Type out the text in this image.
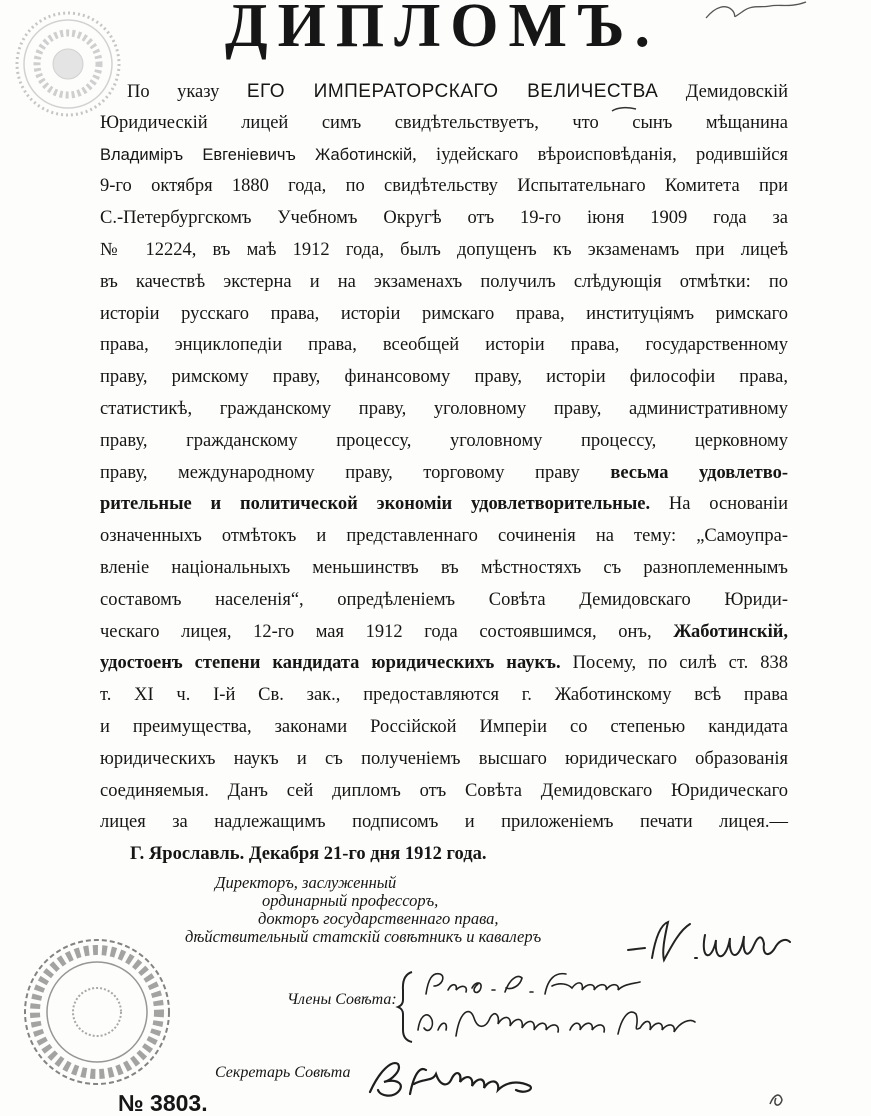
ДИПЛОМЪ.
По указу ЕГО ИМПЕРАТОРСКАГО ВЕЛИЧЕСТВА Демидовскій
Юридическій лицей симъ свидѣтельствуетъ, что сынъ мѣщанина
Владиміръ Евгеніевичъ Жаботинскій, іудейскаго вѣроисповѣданія, родившійся
9-го октября 1880 года, по свидѣтельству Испытательнаго Комитета при
С.-Петербургскомъ Учебномъ Округѣ отъ 19-го іюня 1909 года за
№ 12224, въ маѣ 1912 года, былъ допущенъ къ экзаменамъ при лицеѣ
въ качествѣ экстерна и на экзаменахъ получилъ слѣдующія отмѣтки: по
исторіи русскаго права, исторіи римскаго права, институціямъ римскаго
права, энциклопедіи права, всеобщей исторіи права, государственному
праву, римскому праву, финансовому праву, исторіи философіи права,
статистикѣ, гражданскому праву, уголовному праву, административному
праву, гражданскому процессу, уголовному процессу, церковному
праву, международному праву, торговому праву весьма удовлетво-
рительные и политической экономіи удовлетворительные. На основаніи
означенныхъ отмѣтокъ и представленнаго сочиненія на тему: „Самоупра-
вленіе національныхъ меньшинствъ въ мѣстностяхъ съ разноплеменнымъ
составомъ населенія“, опредѣленіемъ Совѣта Демидовскаго Юриди-
ческаго лицея, 12-го мая 1912 года состоявшимся, онъ, Жаботинскій,
удостоенъ степени кандидата юридическихъ наукъ. Посему, по силѣ ст. 838
т. XI ч. I-й Св. зак., предоставляются г. Жаботинскому всѣ права
и преимущества, законами Россійской Имперіи со степенью кандидата
юридическихъ наукъ и съ полученіемъ высшаго юридическаго образованія
соединяемыя. Данъ сей дипломъ отъ Совѣта Демидовскаго Юридическаго
лицея за надлежащимъ подписомъ и приложеніемъ печати лицея.—
Г. Ярославль. Декабря 21-го дня 1912 года.
Директоръ, заслуженный
ординарный профессоръ,
докторъ государственнаго права,
дѣйствительный статскій совѣтникъ и кавалеръ
Члены Совѣта:
Секретарь Совѣта
№ 3803.
